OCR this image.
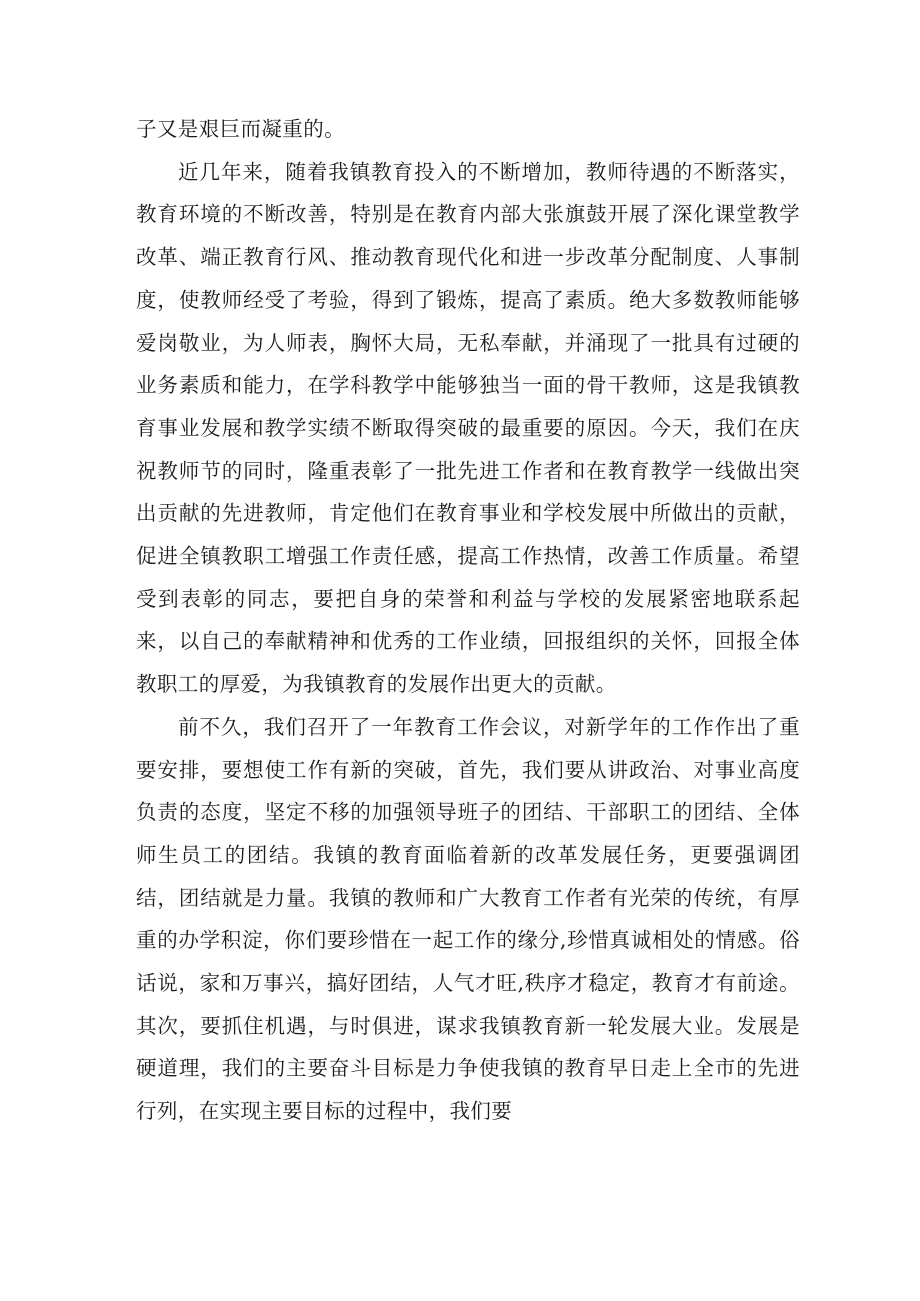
子又是艰巨而凝重的。

近几年来，随着我镇教育投入的不断增加，教师待遇的不断落实，教育环境的不断改善，特别是在教育内部大张旗鼓开展了深化课堂教学改革、端正教育行风、推动教育现代化和进一步改革分配制度、人事制度，使教师经受了考验，得到了锻炼，提高了素质。绝大多数教师能够爱岗敬业，为人师表，胸怀大局，无私奉献，并涌现了一批具有过硬的业务素质和能力，在学科教学中能够独当一面的骨干教师，这是我镇教育事业发展和教学实绩不断取得突破的最重要的原因。今天，我们在庆祝教师节的同时，隆重表彰了一批先进工作者和在教育教学一线做出突出贡献的先进教师，肯定他们在教育事业和学校发展中所做出的贡献，促进全镇教职工增强工作责任感，提高工作热情，改善工作质量。希望受到表彰的同志，要把自身的荣誉和利益与学校的发展紧密地联系起来，以自己的奉献精神和优秀的工作业绩，回报组织的关怀，回报全体教职工的厚爱，为我镇教育的发展作出更大的贡献。

前不久，我们召开了一年教育工作会议，对新学年的工作作出了重要安排，要想使工作有新的突破，首先，我们要从讲政治、对事业高度负责的态度，坚定不移的加强领导班子的团结、干部职工的团结、全体师生员工的团结。我镇的教育面临着新的改革发展任务，更要强调团结，团结就是力量。我镇的教师和广大教育工作者有光荣的传统，有厚重的办学积淀，你们要珍惜在一起工作的缘分,珍惜真诚相处的情感。俗话说，家和万事兴，搞好团结，人气才旺,秩序才稳定，教育才有前途。其次，要抓住机遇，与时俱进，谋求我镇教育新一轮发展大业。发展是硬道理，我们的主要奋斗目标是力争使我镇的教育早日走上全市的先进行列，在实现主要目标的过程中，我们要
